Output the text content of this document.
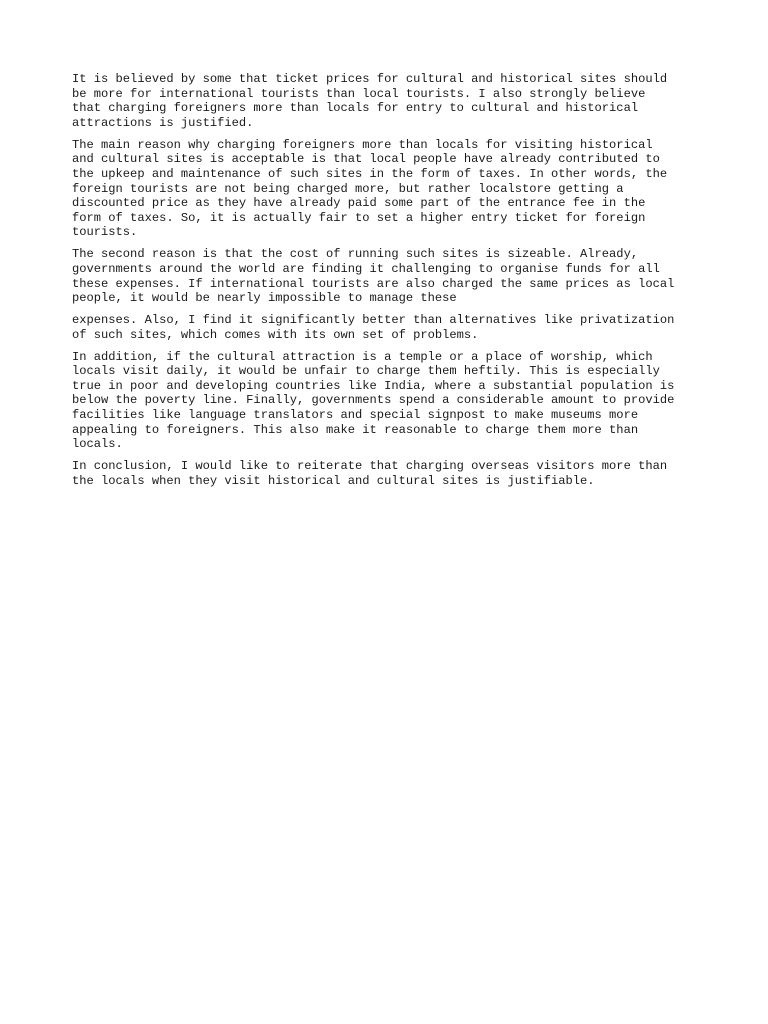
It is believed by some that ticket prices for cultural and historical sites should
be more for international tourists than local tourists. I also strongly believe
that charging foreigners more than locals for entry to cultural and historical
attractions is justified.

The main reason why charging foreigners more than locals for visiting historical
and cultural sites is acceptable is that local people have already contributed to
the upkeep and maintenance of such sites in the form of taxes. In other words, the
foreign tourists are not being charged more, but rather localstore getting a
discounted price as they have already paid some part of the entrance fee in the
form of taxes. So, it is actually fair to set a higher entry ticket for foreign
tourists.

The second reason is that the cost of running such sites is sizeable. Already,
governments around the world are finding it challenging to organise funds for all
these expenses. If international tourists are also charged the same prices as local
people, it would be nearly impossible to manage these

expenses. Also, I find it significantly better than alternatives like privatization
of such sites, which comes with its own set of problems.

In addition, if the cultural attraction is a temple or a place of worship, which
locals visit daily, it would be unfair to charge them heftily. This is especially
true in poor and developing countries like India, where a substantial population is
below the poverty line. Finally, governments spend a considerable amount to provide
facilities like language translators and special signpost to make museums more
appealing to foreigners. This also make it reasonable to charge them more than
locals.

In conclusion, I would like to reiterate that charging overseas visitors more than
the locals when they visit historical and cultural sites is justifiable.
